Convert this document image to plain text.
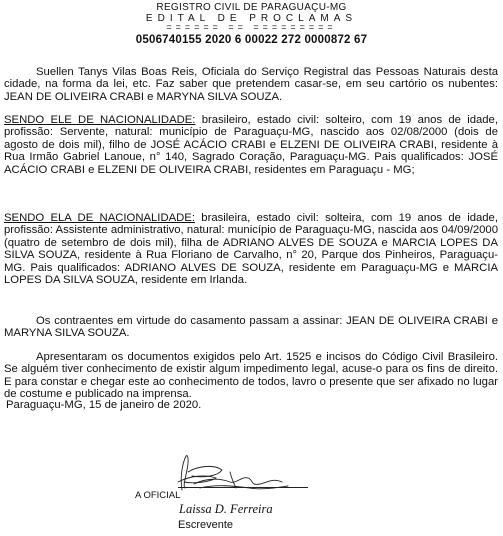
REGISTRO CIVIL DE PARAGUAÇU-MG
EDITAL DE PROCLAMAS
====== == =========
0506740155 2020 6 00022 272 0000872 67
Suellen Tanys Vilas Boas Reis, Oficiala do Serviço Registral das Pessoas Naturais desta cidade, na forma da lei, etc. Faz saber que pretendem casar-se, em seu cartório os nubentes: JEAN DE OLIVEIRA CRABI e MARYNA SILVA SOUZA.
SENDO ELE DE NACIONALIDADE: brasileiro, estado civil: solteiro, com 19 anos de idade, profissão: Servente, natural: município de Paraguaçu-MG, nascido aos 02/08/2000 (dois de agosto de dois mil), filho de JOSÉ ACÁCIO CRABI e ELZENI DE OLIVEIRA CRABI, residente à Rua Irmão Gabriel Lanoue, n° 140, Sagrado Coração, Paraguaçu-MG. Pais qualificados: JOSÉ ACÁCIO CRABI e ELZENI DE OLIVEIRA CRABI, residentes em Paraguaçu - MG;
SENDO ELA DE NACIONALIDADE: brasileira, estado civil: solteira, com 19 anos de idade, profissão: Assistente administrativo, natural: município de Paraguaçu-MG, nascida aos 04/09/2000 (quatro de setembro de dois mil), filha de ADRIANO ALVES DE SOUZA e MARCIA LOPES DA SILVA SOUZA, residente à Rua Floriano de Carvalho, n° 20, Parque dos Pinheiros, Paraguaçu-MG. Pais qualificados: ADRIANO ALVES DE SOUZA, residente em Paraguaçu-MG e MARCIA LOPES DA SILVA SOUZA, residente em Irlanda.
Os contraentes em virtude do casamento passam a assinar: JEAN DE OLIVEIRA CRABI e MARYNA SILVA SOUZA.
Apresentaram os documentos exigidos pelo Art. 1525 e incisos do Código Civil Brasileiro. Se alguém tiver conhecimento de existir algum impedimento legal, acuse-o para os fins de direito. E para constar e chegar este ao conhecimento de todos, lavro o presente que ser afixado no lugar de costume e publicado na imprensa.
Paraguaçu-MG, 15 de janeiro de 2020.
A OFICIAL
Laissa D. Ferreira
Escrevente
